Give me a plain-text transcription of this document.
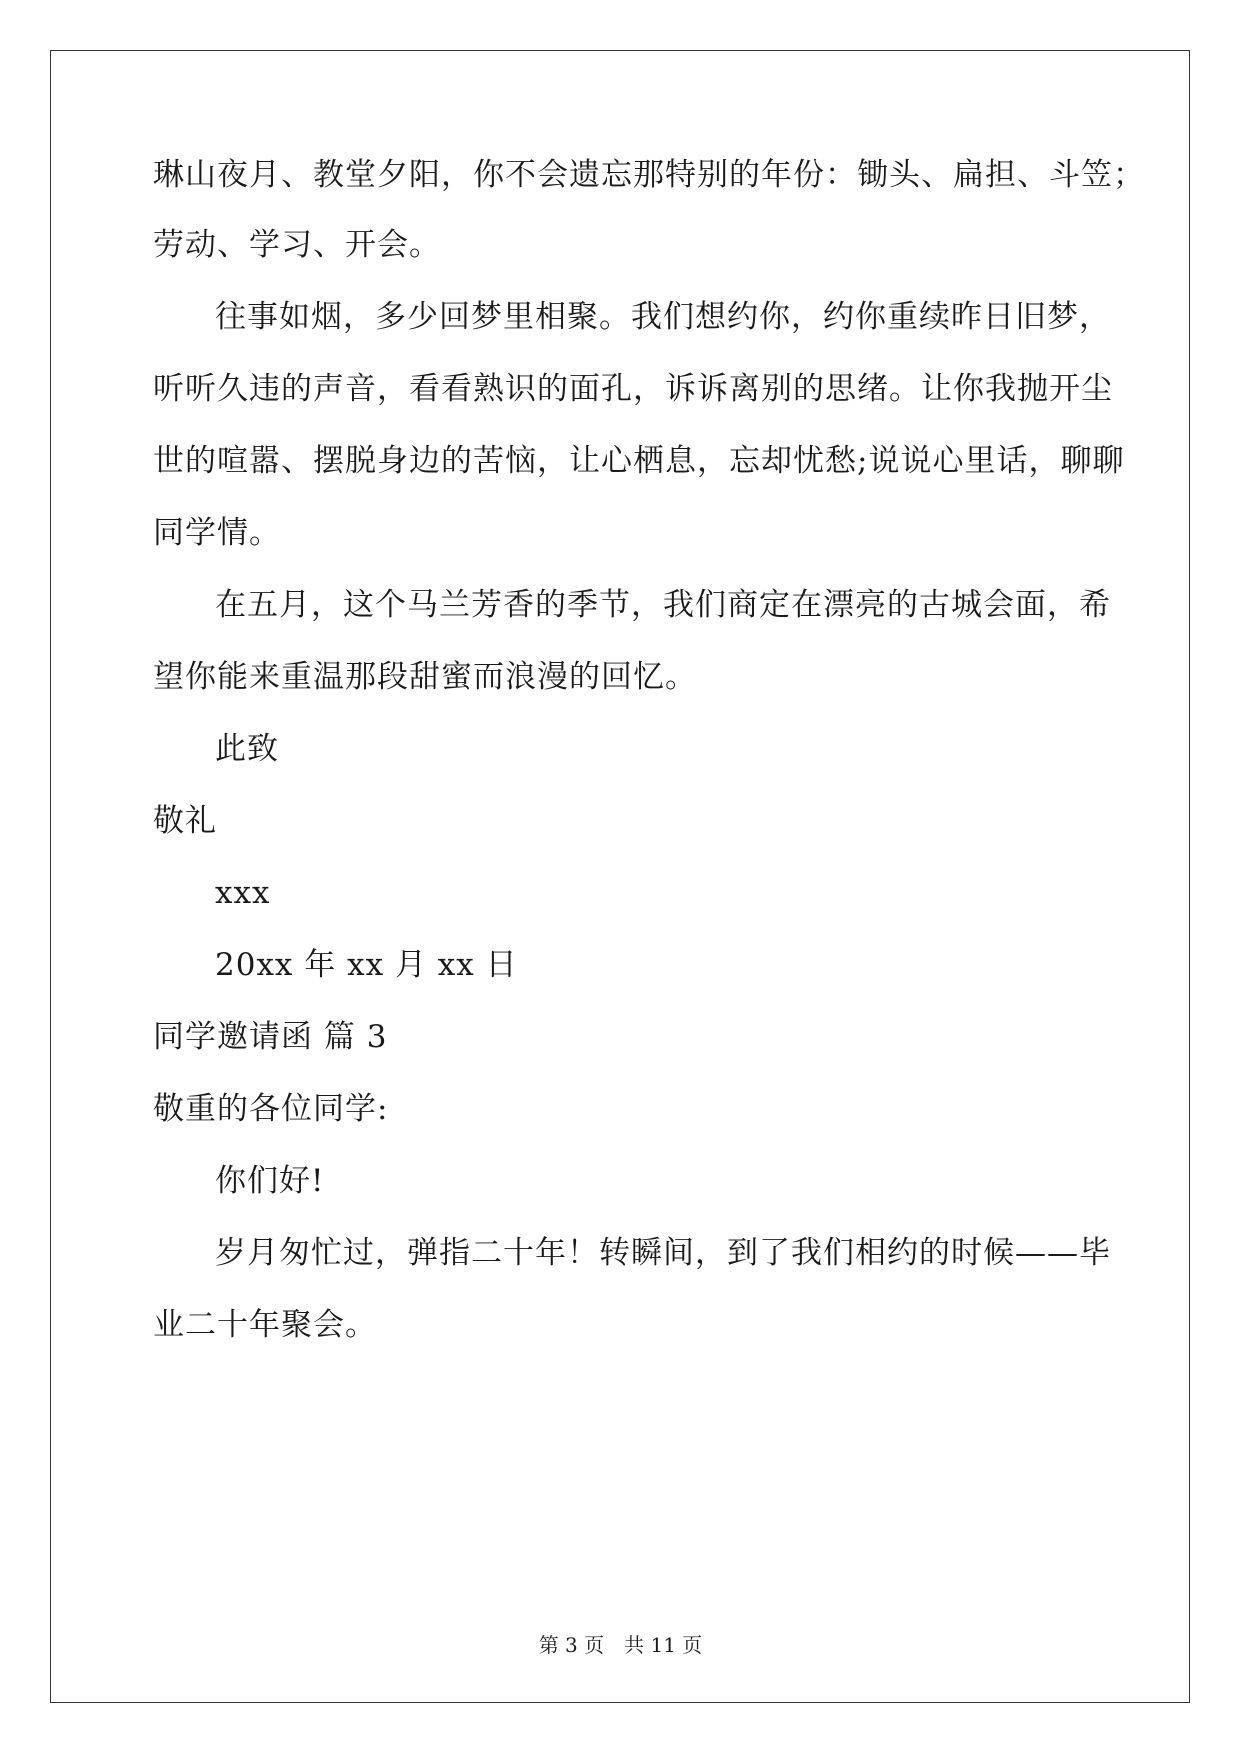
琳山夜月、教堂夕阳，你不会遗忘那特别的年份：锄头、扁担、斗笠；
劳动、学习、开会。
往事如烟，多少回梦里相聚。我们想约你，约你重续昨日旧梦，
听听久违的声音，看看熟识的面孔，诉诉离别的思绪。让你我抛开尘
世的喧嚣、摆脱身边的苦恼，让心栖息，忘却忧愁;说说心里话，聊聊
同学情。
在五月，这个马兰芳香的季节，我们商定在漂亮的古城会面，希
望你能来重温那段甜蜜而浪漫的回忆。
此致
敬礼
xxx
20xx 年 xx 月 xx 日
同学邀请函 篇 3
敬重的各位同学:
你们好!
岁月匆忙过，弹指二十年！转瞬间，到了我们相约的时候——毕
业二十年聚会。
第 3 页　共 11 页
